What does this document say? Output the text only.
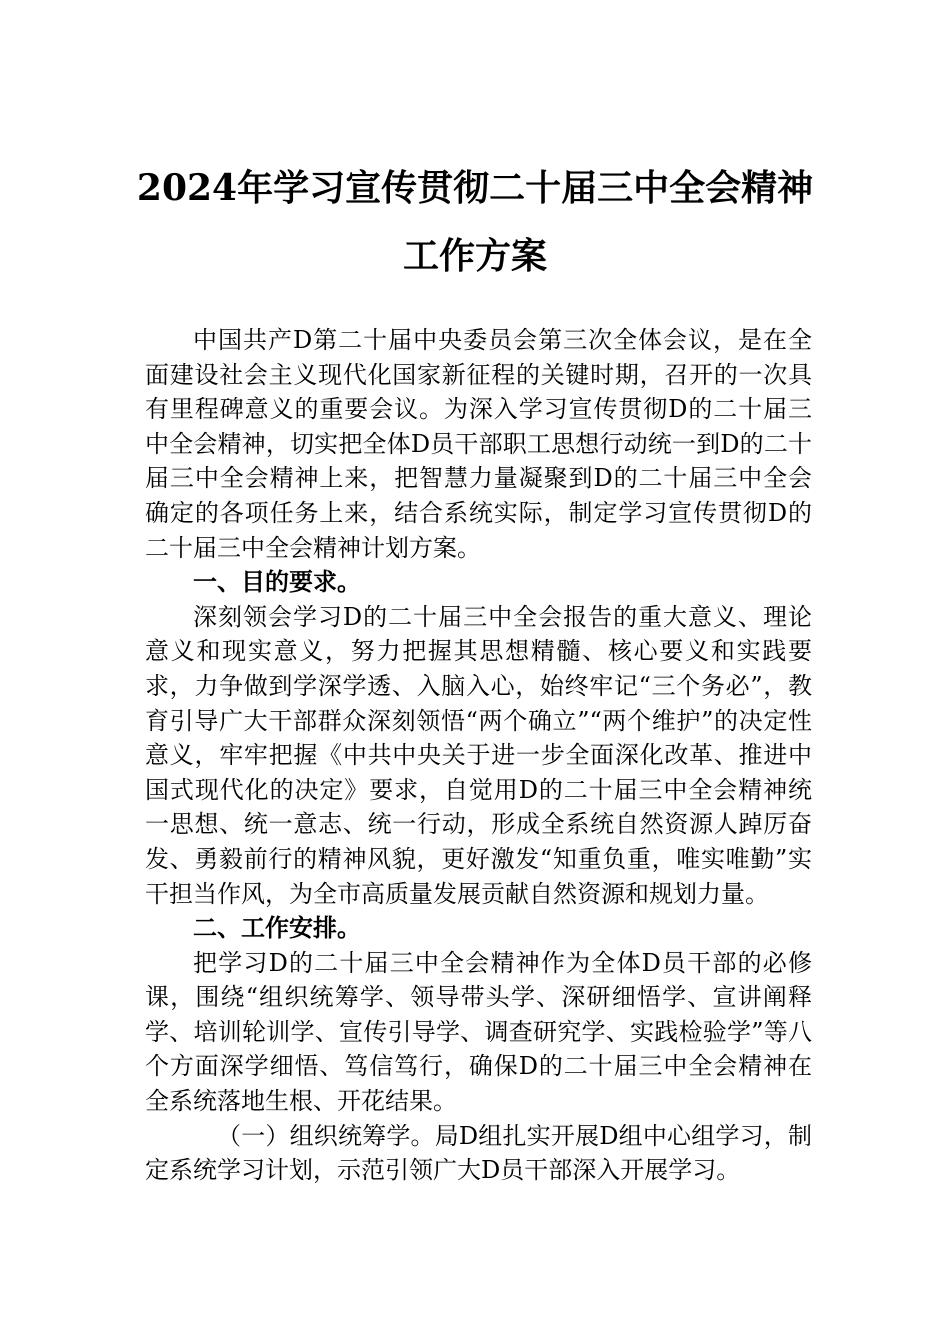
2024年学习宣传贯彻二十届三中全会精神
工作方案

中国共产D第二十届中央委员会第三次全体会议，是在全面建设社会主义现代化国家新征程的关键时期，召开的一次具有里程碑意义的重要会议。为深入学习宣传贯彻D的二十届三中全会精神，切实把全体D员干部职工思想行动统一到D的二十届三中全会精神上来，把智慧力量凝聚到D的二十届三中全会确定的各项任务上来，结合系统实际，制定学习宣传贯彻D的二十届三中全会精神计划方案。

一、目的要求。

深刻领会学习D的二十届三中全会报告的重大意义、理论意义和现实意义，努力把握其思想精髓、核心要义和实践要求，力争做到学深学透、入脑入心，始终牢记“三个务必”，教育引导广大干部群众深刻领悟“两个确立”“两个维护”的决定性意义，牢牢把握《中共中央关于进一步全面深化改革、推进中国式现代化的决定》要求，自觉用D的二十届三中全会精神统一思想、统一意志、统一行动，形成全系统自然资源人踔厉奋发、勇毅前行的精神风貌，更好激发“知重负重，唯实唯勤”实干担当作风，为全市高质量发展贡献自然资源和规划力量。

二、工作安排。

把学习D的二十届三中全会精神作为全体D员干部的必修课，围绕“组织统筹学、领导带头学、深研细悟学、宣讲阐释学、培训轮训学、宣传引导学、调查研究学、实践检验学”等八个方面深学细悟、笃信笃行，确保D的二十届三中全会精神在全系统落地生根、开花结果。

（一）组织统筹学。局D组扎实开展D组中心组学习，制定系统学习计划，示范引领广大D员干部深入开展学习。
